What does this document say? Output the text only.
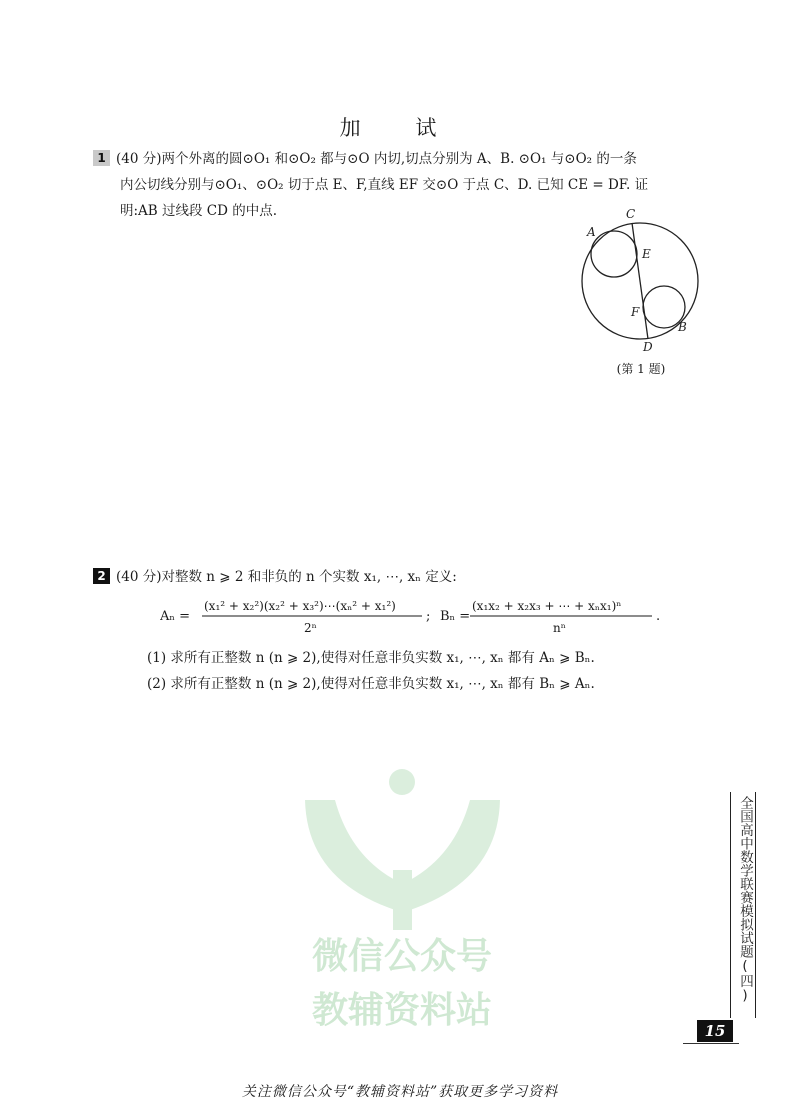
加 试
1 (40 分)两个外离的圆⊙O₁ 和⊙O₂ 都与⊙O 内切,切点分别为 A、B. ⊙O₁ 与⊙O₂ 的一条
内公切线分别与⊙O₁、⊙O₂ 切于点 E、F,直线 EF 交⊙O 于点 C、D. 已知 CE = DF. 证
明:AB 过线段 CD 的中点.	C
A
E
F
B
D
(第 1 题)
2 (40 分)对整数 n ⩾ 2 和非负的 n 个实数 x₁, ⋯, xₙ 定义:
Aₙ =
(x₁² + x₂²)(x₂² + x₃²)⋯(xₙ² + x₁²)
2ⁿ
; Bₙ =
(x₁x₂ + x₂x₃ + ⋯ + xₙx₁)ⁿ
nⁿ
.
(1) 求所有正整数 n (n ⩾ 2),使得对任意非负实数 x₁, ⋯, xₙ 都有 Aₙ ⩾ Bₙ.
(2) 求所有正整数 n (n ⩾ 2),使得对任意非负实数 x₁, ⋯, xₙ 都有 Bₙ ⩾ Aₙ.
微信公众号
教辅资料站
全国高中数学联赛模拟试题(四)
15
关注微信公众号“教辅资料站”获取更多学习资料
